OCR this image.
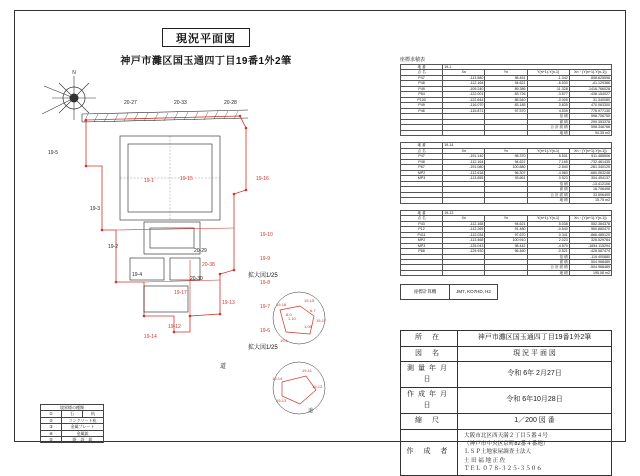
現況平面図
神戸市灘区国玉通四丁目19番1外2筆
N
20-27	20-33	20-28
19-5
19-1	19-15	19-16
19-3
19-2
19-4
20-38
20-30
20-29
19-17
19-13
19-12
19-14
19-10
19-9
19-8
19-7
19-6
道
19-16
19-15
19-17
19-1
1.10
1.05
6.7
8.0
19-11
19-12
19-14
19-13
道
拡大図1/25
拡大図1/25
座標求積表
地 番	19-1			
点 名	Xn	Yn	Y(n+1)-Y(n-1)	Xn・(Y(n+1)-Y(n-1))
P47	-113.580	98.451	-1.342	808.625596
P48	-112.164	94.621	-6.530	-41.129386
P49	-109.240	89.386	-11.328	-1416.766028
P54	-122.001	83.726	-3.577	-438.154027
P100	-122.644	85.540	-0.005	31.340080
P49	-116.070	83.185	0.835	470.063300
P46	-115.871	97.570	4.539	776.977130
			倍 積	598.706755
			面 積	299.353378
			合 計 面 積	598.346766
			地 積	94.35 m2
地 番	19-14			
点 名	Xn	Yn	Y(n+1)-Y(n-1)	Xn・(Y(n+1)-Y(n-1))
P47	-191.140	98.370	5.531	511.485506
P48	-112.164	94.621	7.165	-732.461435
P67	-191.080	100.880	-2.540	-281.340125
MP2	-112.618	96.307	-4.960	-660.063248
MP3	-113.655	93.661	0.523	304.454137
			倍 積	-13.412106
			面 積	16.706498
			合 計 面 積	33.506499
			地 積	15.75 m2
地 番	19-13			
点 名	Xn	Yn	Y(n+1)-Y(n-1)	Xn・(Y(n+1)-Y(n-1))
P43	-112.168	94.621	5.038	552.364378
P12	-112.269	91.480	-0.540	560.880470
P411	-112.034	97.670	0.341	-866.485120
MP2	-113.468	100.910	2.023	326.529784
MP3	-125.043	98.442	-4.570	-1654.115294
P68	-129.930	96.460	-0.521	-428.587474
			倍 積	-119.400880
			面 積	504.968489
			合 計 面 積	-504.968489
			地 積	195.08 m2
座標計算機	JM7, KO7HD, H2
所 在	神戸市灘区国玉通四丁目19番1外2筆
図 名	現 況 平 面 図
測量年月日	令和 6年 2月27日
作成年月日	令和 6年10月28日
縮 尺	1／200 図 番
作 成 者	大阪市北区西天満２丁目５番４号
（神戸市中央区京町82番４番地）
ＬＳＰ土地家屋調査士法人
土 田 福 地 正 佐
ＴＥＬ ０７８-３２５-３５０６
境界標の種類		
①	石	杭
②	コンクリート杭	
③	金属プレート	
④	金属鋲	
⑤	既　設　鋲	
